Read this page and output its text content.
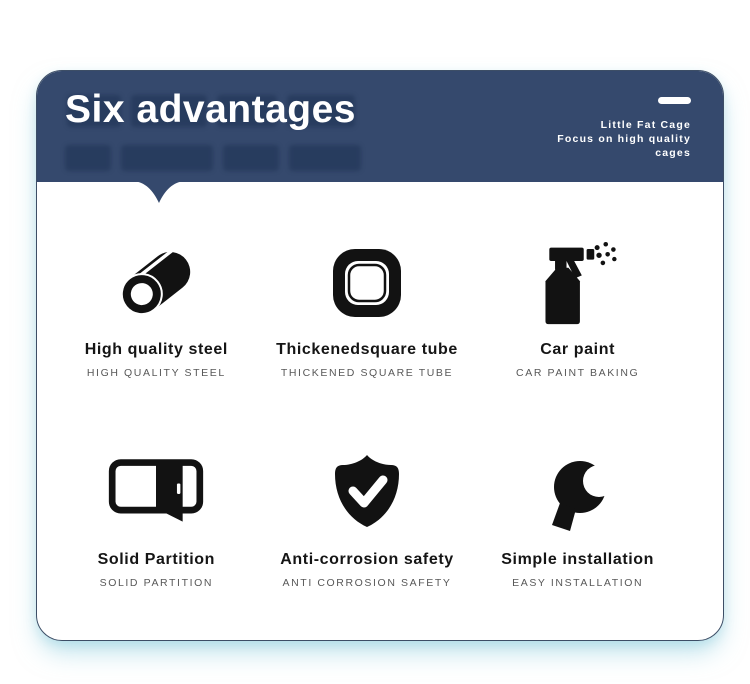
Six advantages	Little Fat Cage
Focus on high quality
cages
High quality steel
HIGH QUALITY STEEL
Thickenedsquare tube
THICKENED SQUARE TUBE
Car paint
CAR PAINT BAKING
Solid Partition
SOLID PARTITION
Anti-corrosion safety
ANTI CORROSION SAFETY
Simple installation
EASY INSTALLATION
